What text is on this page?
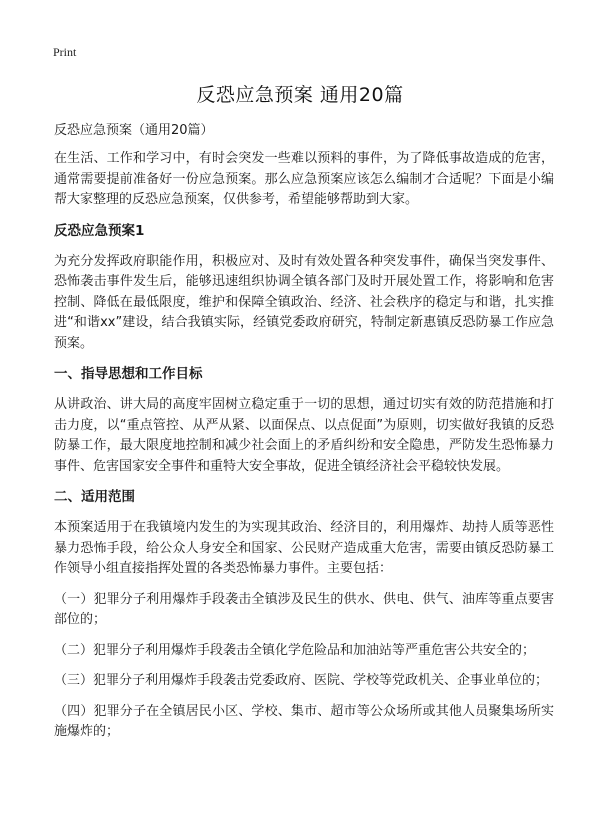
Print
反恐应急预案 通用20篇
反恐应急预案（通用20篇）

在生活、工作和学习中，有时会突发一些难以预料的事件，为了降低事故造成的危害，通常需要提前准备好一份应急预案。那么应急预案应该怎么编制才合适呢？下面是小编帮大家整理的反恐应急预案，仅供参考，希望能够帮助到大家。

反恐应急预案1

为充分发挥政府职能作用，积极应对、及时有效处置各种突发事件，确保当突发事件、恐怖袭击事件发生后，能够迅速组织协调全镇各部门及时开展处置工作，将影响和危害控制、降低在最低限度，维护和保障全镇政治、经济、社会秩序的稳定与和谐，扎实推进“和谐xx”建设，结合我镇实际，经镇党委政府研究，特制定新惠镇反恐防暴工作应急预案。

一、指导思想和工作目标

从讲政治、讲大局的高度牢固树立稳定重于一切的思想，通过切实有效的防范措施和打击力度，以“重点管控、从严从紧、以面保点、以点促面”为原则，切实做好我镇的反恐防暴工作，最大限度地控制和减少社会面上的矛盾纠纷和安全隐患，严防发生恐怖暴力事件、危害国家安全事件和重特大安全事故，促进全镇经济社会平稳较快发展。

二、适用范围

本预案适用于在我镇境内发生的为实现其政治、经济目的，利用爆炸、劫持人质等恶性暴力恐怖手段，给公众人身安全和国家、公民财产造成重大危害，需要由镇反恐防暴工作领导小组直接指挥处置的各类恐怖暴力事件。主要包括：

（一）犯罪分子利用爆炸手段袭击全镇涉及民生的供水、供电、供气、油库等重点要害部位的；

（二）犯罪分子利用爆炸手段袭击全镇化学危险品和加油站等严重危害公共安全的；

（三）犯罪分子利用爆炸手段袭击党委政府、医院、学校等党政机关、企事业单位的；

（四）犯罪分子在全镇居民小区、学校、集市、超市等公众场所或其他人员聚集场所实施爆炸的；
